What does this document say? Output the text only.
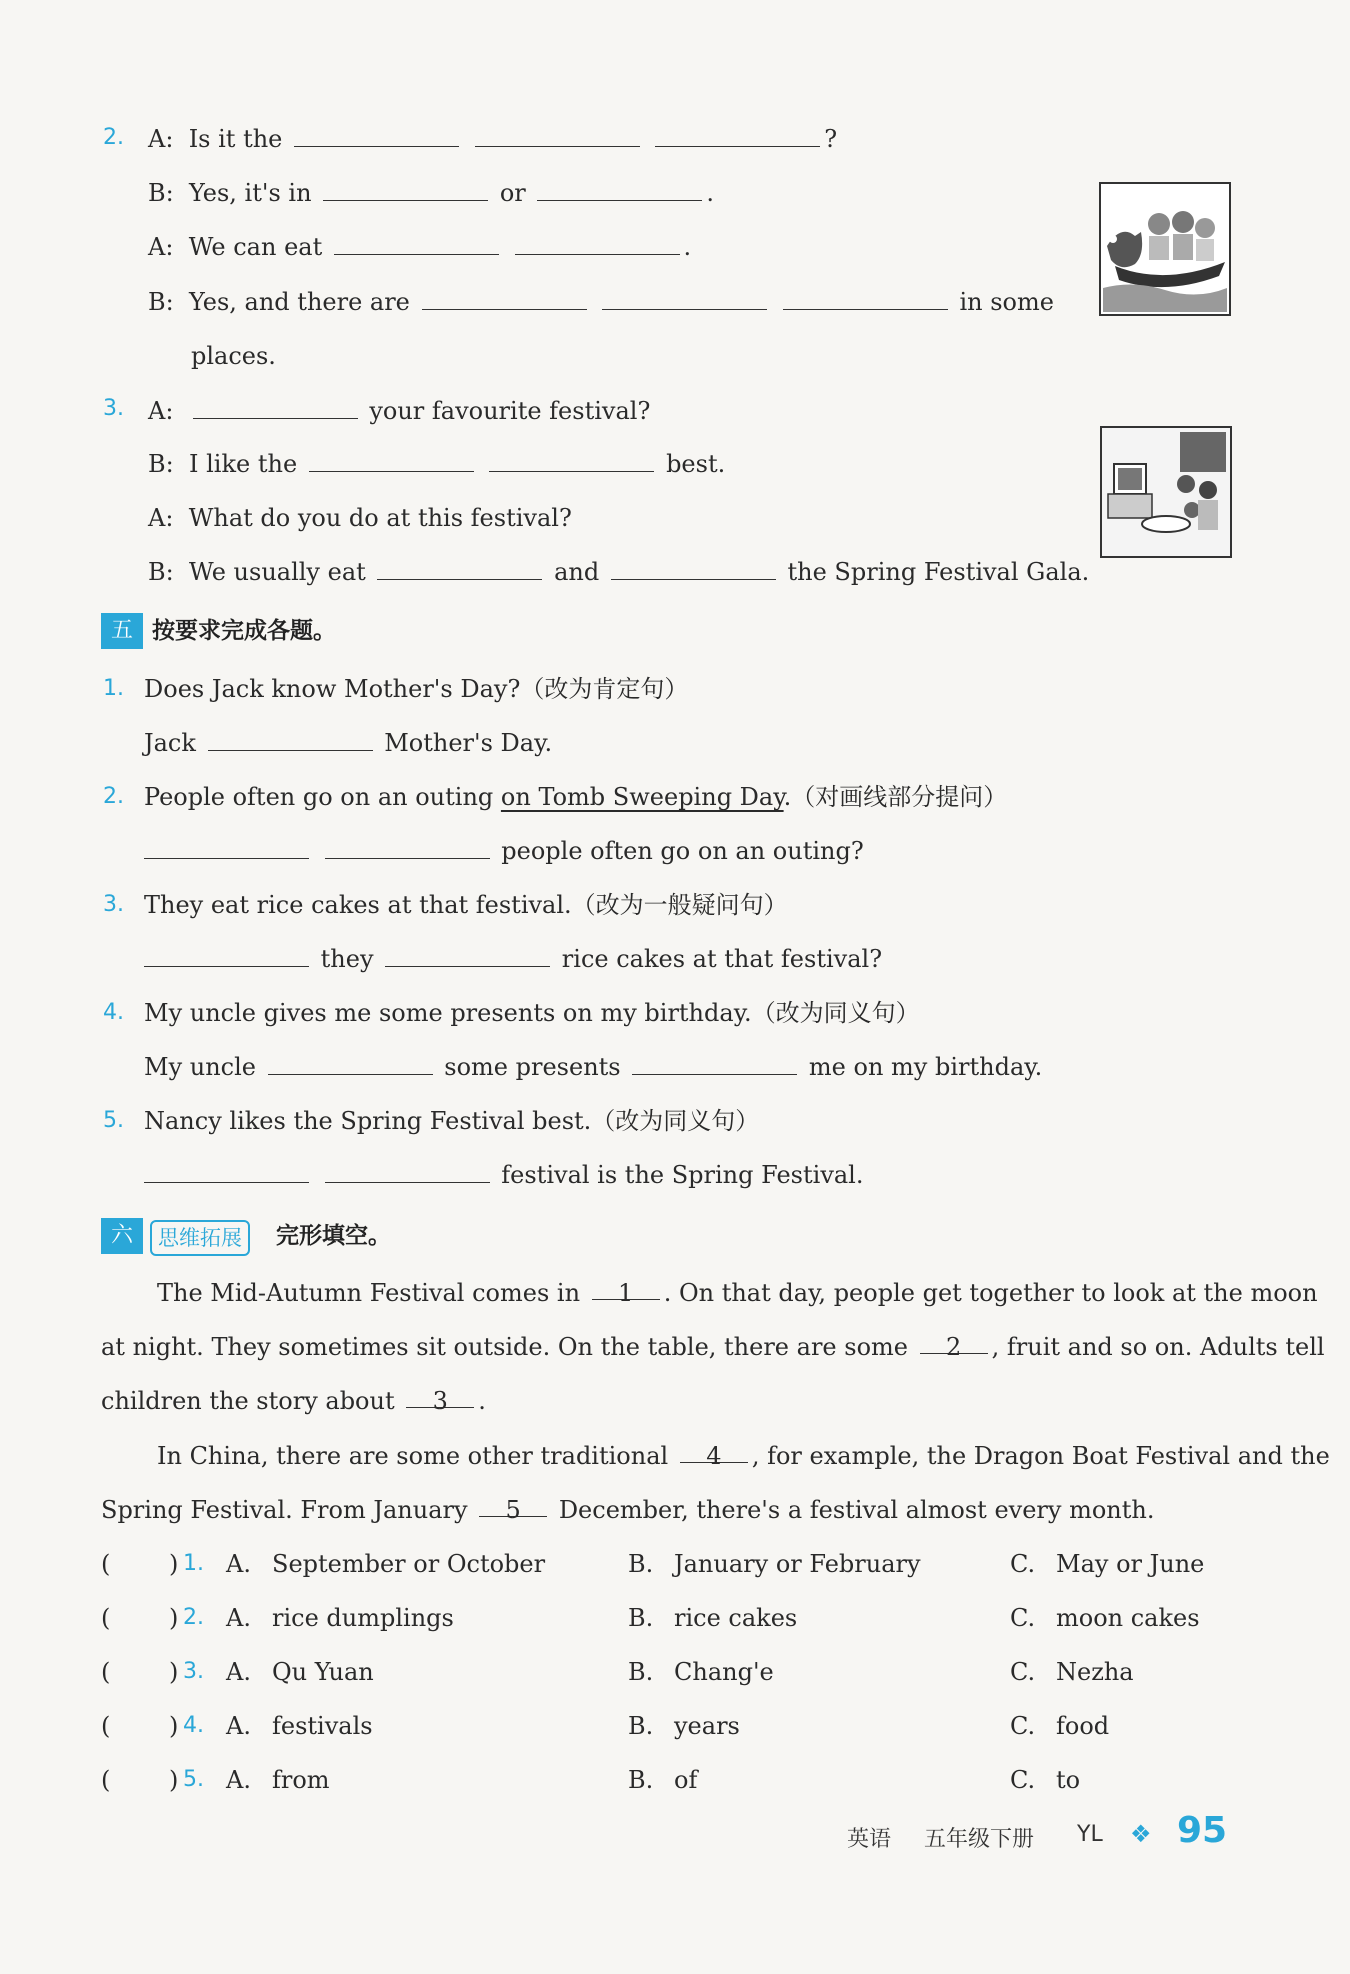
2. A: Is it the	?
B: Yes, it's in	or	.
A: We can eat	.
B: Yes, and there are	in some
places.
3. A:	your favourite festival?
B: I like the	best.
A: What do you do at this festival?
B: We usually eat	and	the Spring Festival Gala.
五 按要求完成各题。
1. Does Jack know Mother's Day?（改为肯定句）
Jack	Mother's Day.
2. People often go on an outing on Tomb Sweeping Day.（对画线部分提问）
people often go on an outing?
3. They eat rice cakes at that festival.（改为一般疑问句）
they	rice cakes at that festival?
4. My uncle gives me some presents on my birthday.（改为同义句）
My uncle	some presents	me on my birthday.
5. Nancy likes the Spring Festival best.（改为同义句）
festival is the Spring Festival.
六	思维拓展	完形填空。
The Mid-Autumn Festival comes in 1 . On that day, people get together to look at the moon
at night. They sometimes sit outside. On the table, there are some 2 , fruit and so on. Adults tell
children the story about 3 .
In China, there are some other traditional 4 , for example, the Dragon Boat Festival and the
Spring Festival. From January 5 December, there's a festival almost every month.
( ) 1. A. September or October	B. January or February	C. May or June
( ) 2. A. rice dumplings	B. rice cakes	C. moon cakes
( ) 3. A. Qu Yuan	B. Chang'e	C. Nezha
( ) 4. A. festivals	B. years	C. food
( ) 5. A. from	B. of	C. to
英语 五年级下册 YL ❖ 95
